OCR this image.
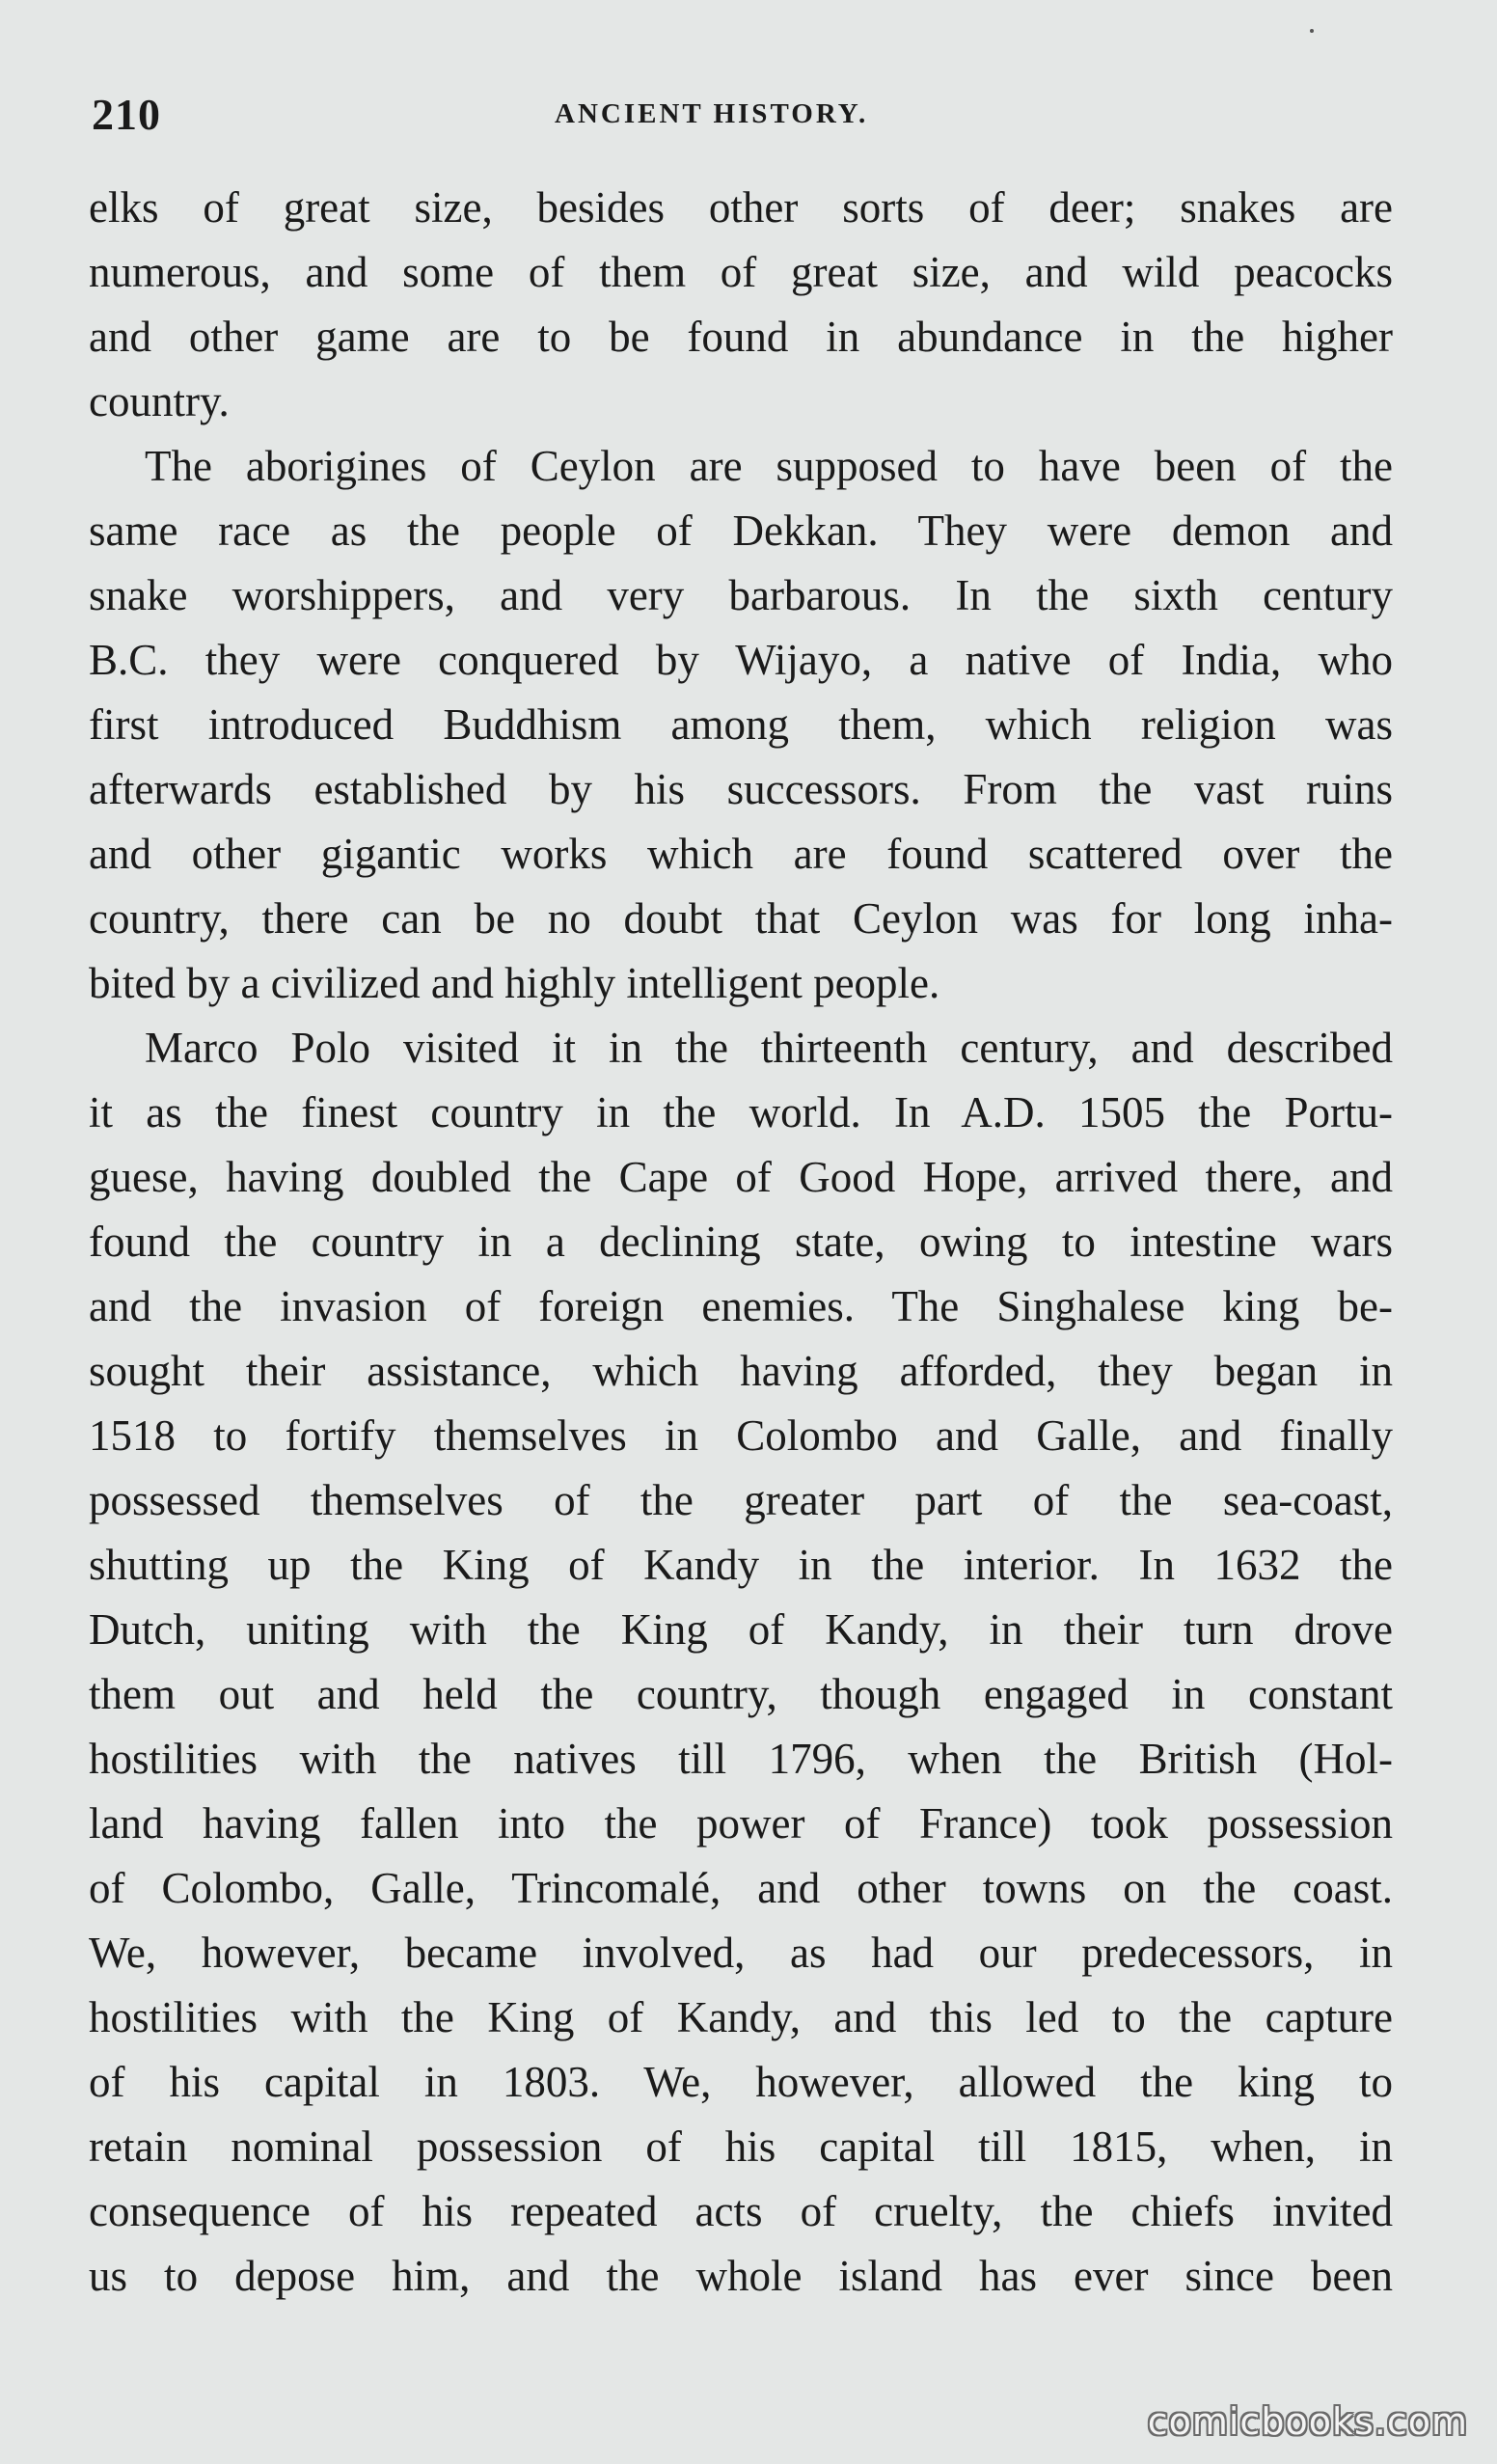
210	ANCIENT HISTORY.
elks of great size, besides other sorts of deer; snakes are
numerous, and some of them of great size, and wild peacocks
and other game are to be found in abundance in the higher
country.
The aborigines of Ceylon are supposed to have been of the
same race as the people of Dekkan. They were demon and
snake worshippers, and very barbarous. In the sixth century
B.C. they were conquered by Wijayo, a native of India, who
first introduced Buddhism among them, which religion was
afterwards established by his successors. From the vast ruins
and other gigantic works which are found scattered over the
country, there can be no doubt that Ceylon was for long inha-
bited by a civilized and highly intelligent people.
Marco Polo visited it in the thirteenth century, and described
it as the finest country in the world. In A.D. 1505 the Portu-
guese, having doubled the Cape of Good Hope, arrived there, and
found the country in a declining state, owing to intestine wars
and the invasion of foreign enemies. The Singhalese king be-
sought their assistance, which having afforded, they began in
1518 to fortify themselves in Colombo and Galle, and finally
possessed themselves of the greater part of the sea-coast,
shutting up the King of Kandy in the interior. In 1632 the
Dutch, uniting with the King of Kandy, in their turn drove
them out and held the country, though engaged in constant
hostilities with the natives till 1796, when the British (Hol-
land having fallen into the power of France) took possession
of Colombo, Galle, Trincomalé, and other towns on the coast.
We, however, became involved, as had our predecessors, in
hostilities with the King of Kandy, and this led to the capture
of his capital in 1803. We, however, allowed the king to
retain nominal possession of his capital till 1815, when, in
consequence of his repeated acts of cruelty, the chiefs invited
us to depose him, and the whole island has ever since been
comicbooks.com
